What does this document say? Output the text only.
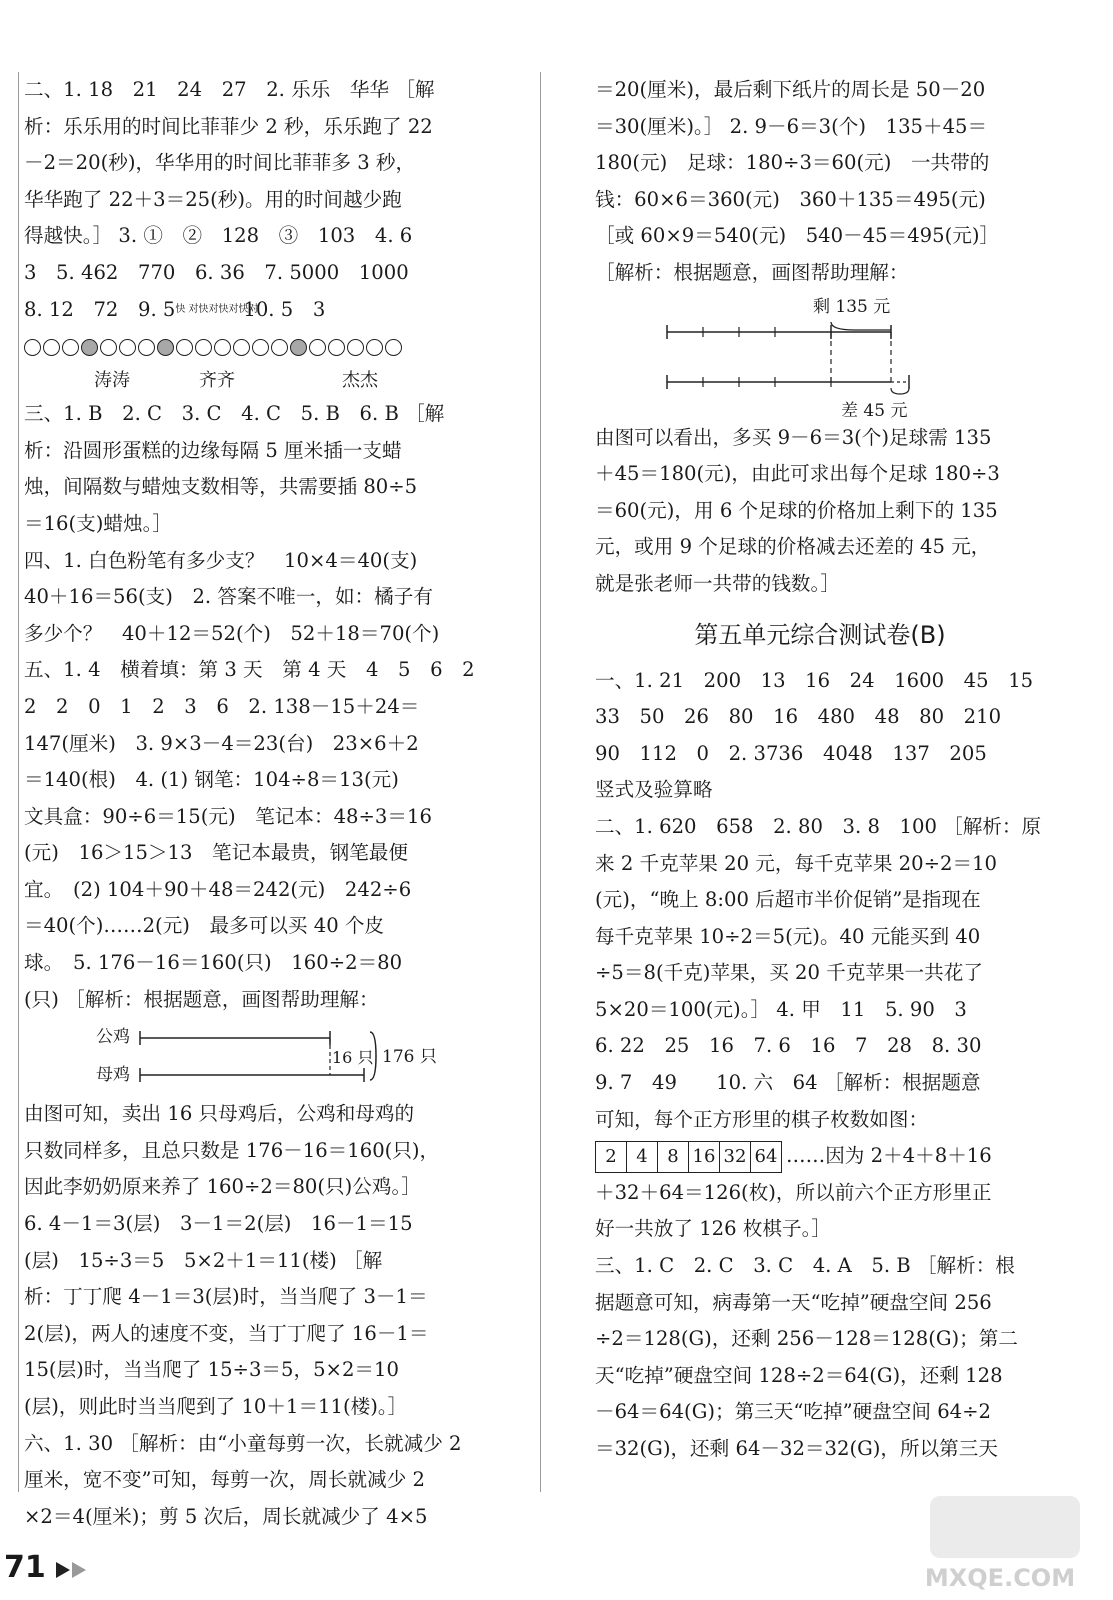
二、1. 18　21　24　27　2. 乐乐　华华 ［解
析：乐乐用的时间比菲菲少 2 秒，乐乐跑了 22
－2＝20(秒)，华华用的时间比菲菲多 3 秒，
华华跑了 22＋3＝25(秒)。用的时间越少跑
得越快。］ 3. ①　②　128　③　103　4. 6
3　5. 462　770　6. 36　7. 5000　1000
8. 12　72　9. 5快 对快对快对快对10. 5　3
涛涛	齐齐	杰杰
三、1. B　2. C　3. C　4. C　5. B　6. B ［解
析：沿圆形蛋糕的边缘每隔 5 厘米插一支蜡
烛，间隔数与蜡烛支数相等，共需要插 80÷5
＝16(支)蜡烛。］
四、1. 白色粉笔有多少支？　10×4＝40(支)
40＋16＝56(支)　2. 答案不唯一，如：橘子有
多少个？　40＋12＝52(个)　52＋18＝70(个)
五、1. 4　横着填：第 3 天　第 4 天　4　5　6　2
2　2　0　1　2　3　6　2. 138－15＋24＝
147(厘米)　3. 9×3－4＝23(台)　23×6＋2
＝140(根)　4. (1) 钢笔：104÷8＝13(元)
文具盒：90÷6＝15(元)　笔记本：48÷3＝16
(元)　16＞15＞13　笔记本最贵，钢笔最便
宜。　(2) 104＋90＋48＝242(元)　242÷6
＝40(个)……2(元)　最多可以买 40 个皮
球。　5. 176－16＝160(只)　160÷2＝80
(只) ［解析：根据题意，画图帮助理解：
公鸡
母鸡
16 只 176 只
由图可知，卖出 16 只母鸡后，公鸡和母鸡的
只数同样多，且总只数是 176－16＝160(只)，
因此李奶奶原来养了 160÷2＝80(只)公鸡。］
6. 4－1＝3(层)　3－1＝2(层)　16－1＝15
(层)　15÷3＝5　5×2＋1＝11(楼) ［解
析：丁丁爬 4－1＝3(层)时，当当爬了 3－1＝
2(层)，两人的速度不变，当丁丁爬了 16－1＝
15(层)时，当当爬了 15÷3＝5，5×2＝10
(层)，则此时当当爬到了 10＋1＝11(楼)。］
六、1. 30 ［解析：由“小童每剪一次，长就减少 2
厘米，宽不变”可知，每剪一次，周长就减少 2
×2＝4(厘米)；剪 5 次后，周长就减少了 4×5
＝20(厘米)，最后剩下纸片的周长是 50－20
＝30(厘米)。］ 2. 9－6＝3(个)　135＋45＝
180(元)　足球：180÷3＝60(元)　一共带的
钱：60×6＝360(元)　360＋135＝495(元)
［或 60×9＝540(元)　540－45＝495(元)］
［解析：根据题意，画图帮助理解：
剩 135 元
差 45 元
由图可以看出，多买 9－6＝3(个)足球需 135
＋45＝180(元)，由此可求出每个足球 180÷3
＝60(元)，用 6 个足球的价格加上剩下的 135
元，或用 9 个足球的价格减去还差的 45 元，
就是张老师一共带的钱数。］
第五单元综合测试卷(B)
一、1. 21　200　13　16　24　1600　45　15
33　50　26　80　16　480　48　80　210
90　112　0　2. 3736　4048　137　205
竖式及验算略
二、1. 620　658　2. 80　3. 8　100 ［解析：原
来 2 千克苹果 20 元，每千克苹果 20÷2＝10
(元)，“晚上 8:00 后超市半价促销”是指现在
每千克苹果 10÷2＝5(元)。40 元能买到 40
÷5＝8(千克)苹果，买 20 千克苹果一共花了
5×20＝100(元)。］ 4. 甲　11　5. 90　3
6. 22　25　16　7. 6　16　7　28　8. 30
9. 7　49　　10. 六　64 ［解析：根据题意
可知，每个正方形里的棋子枚数如图：
2	4	8 16 32 64 ……因为 2＋4＋8＋16
＋32＋64＝126(枚)，所以前六个正方形里正
好一共放了 126 枚棋子。］
三、1. C　2. C　3. C　4. A　5. B ［解析：根
据题意可知，病毒第一天“吃掉”硬盘空间 256
÷2＝128(G)，还剩 256－128＝128(G)；第二
天“吃掉”硬盘空间 128÷2＝64(G)，还剩 128
－64＝64(G)；第三天“吃掉”硬盘空间 64÷2
＝32(G)，还剩 64－32＝32(G)，所以第三天
71	MXQE.COM
